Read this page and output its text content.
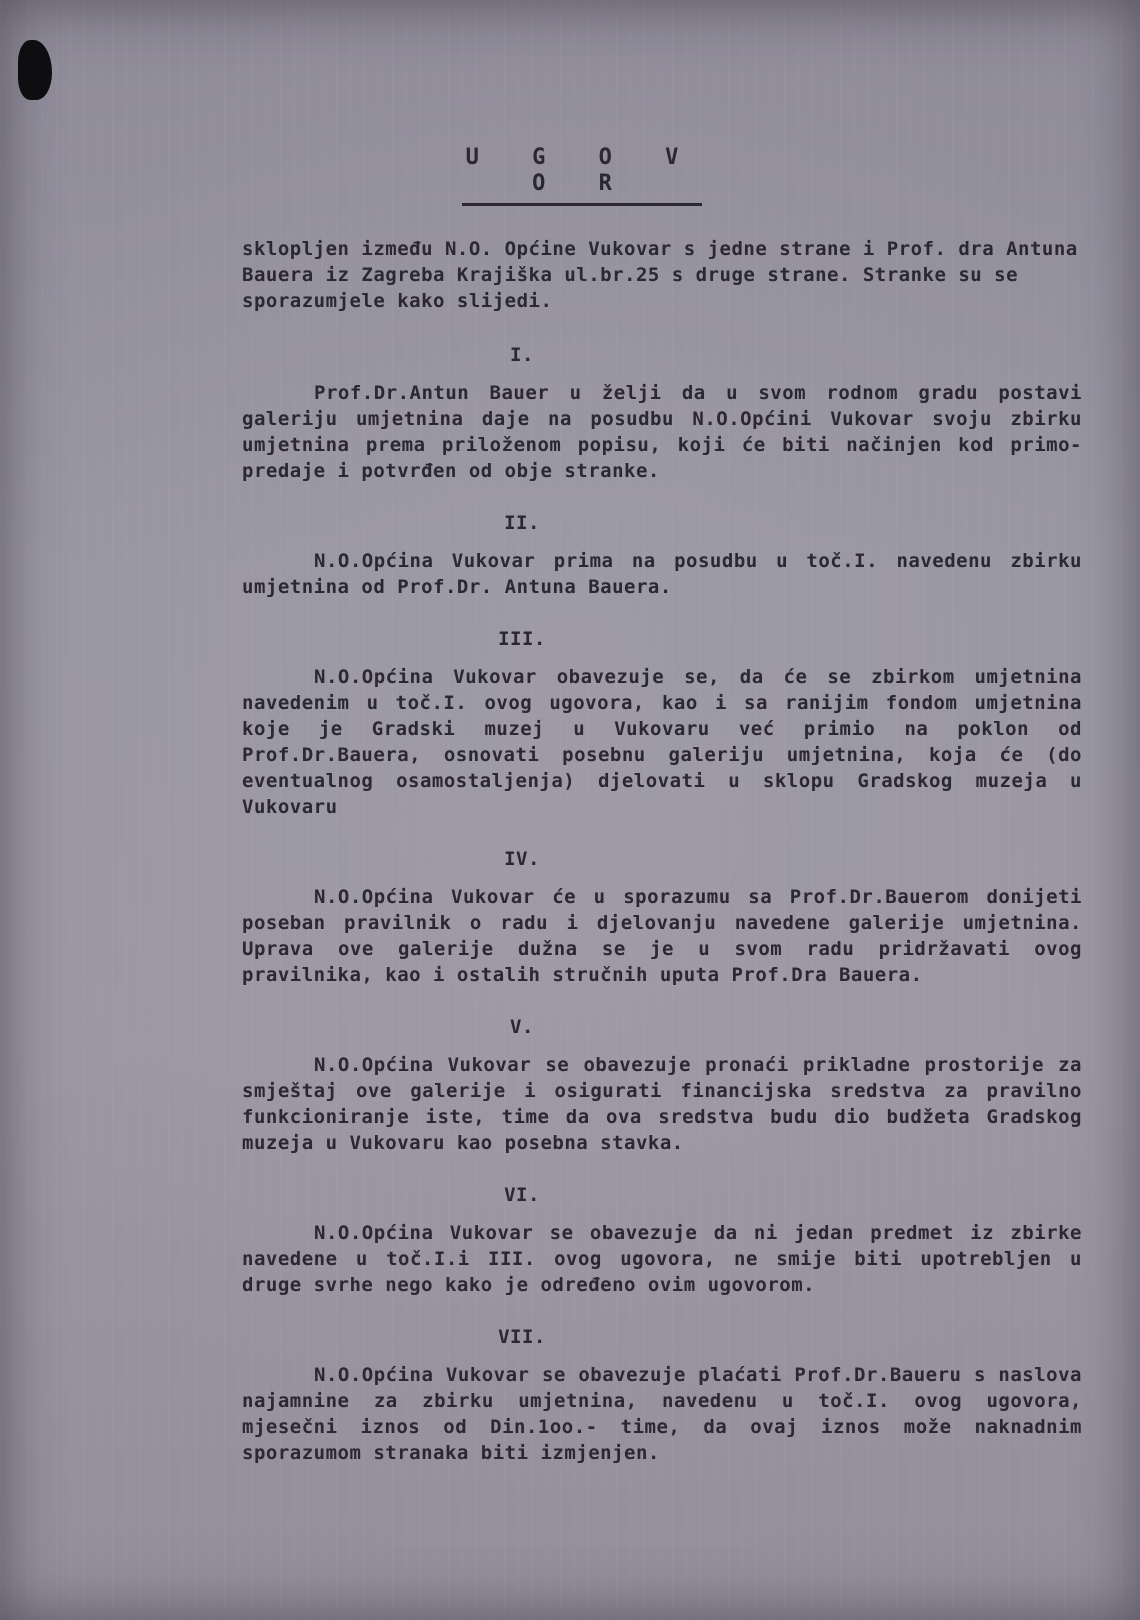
U G O V O R

sklopljen između N.O. Općine Vukovar s jedne strane i Prof. dra Antuna Bauera iz Zagreba Krajiška ul.br.25 s druge strane. Stranke su se sporazumjele kako slijedi.

I.

Prof.Dr.Antun Bauer u želji da u svom rodnom gradu postavi galeriju umjetnina daje na posudbu N.O.Općini Vukovar svoju zbirku umjetnina prema priloženom popisu, koji će biti načinjen kod primo-predaje i potvrđen od obje stranke.

II.

N.O.Općina Vukovar prima na posudbu u toč.I. navedenu zbirku umjetnina od Prof.Dr. Antuna Bauera.

III.

N.O.Općina Vukovar obavezuje se, da će se zbirkom umjetnina navedenim u toč.I. ovog ugovora, kao i sa ranijim fondom umjetnina koje je Gradski muzej u Vukovaru već primio na poklon od Prof.Dr.Bauera, osnovati posebnu galeriju umjetnina, koja će (do eventualnog osamostaljenja) djelovati u sklopu Gradskog muzeja u Vukovaru

IV.

N.O.Općina Vukovar će u sporazumu sa Prof.Dr.Bauerom donijeti poseban pravilnik o radu i djelovanju navedene galerije umjetnina. Uprava ove galerije dužna se je u svom radu pridržavati ovog pravilnika, kao i ostalih stručnih uputa Prof.Dra Bauera.

V.

N.O.Općina Vukovar se obavezuje pronaći prikladne prostorije za smještaj ove galerije i osigurati financijska sredstva za pravilno funkcioniranje iste, time da ova sredstva budu dio budžeta Gradskog muzeja u Vukovaru kao posebna stavka.

VI.

N.O.Općina Vukovar se obavezuje da ni jedan predmet iz zbirke navedene u toč.I.i III. ovog ugovora, ne smije biti upotrebljen u druge svrhe nego kako je određeno ovim ugovorom.

VII.

N.O.Općina Vukovar se obavezuje plaćati Prof.Dr.Baueru s naslova najamnine za zbirku umjetnina, navedenu u toč.I. ovog ugovora, mjesečni iznos od Din.1oo.- time, da ovaj iznos može naknadnim sporazumom stranaka biti izmjenjen.
